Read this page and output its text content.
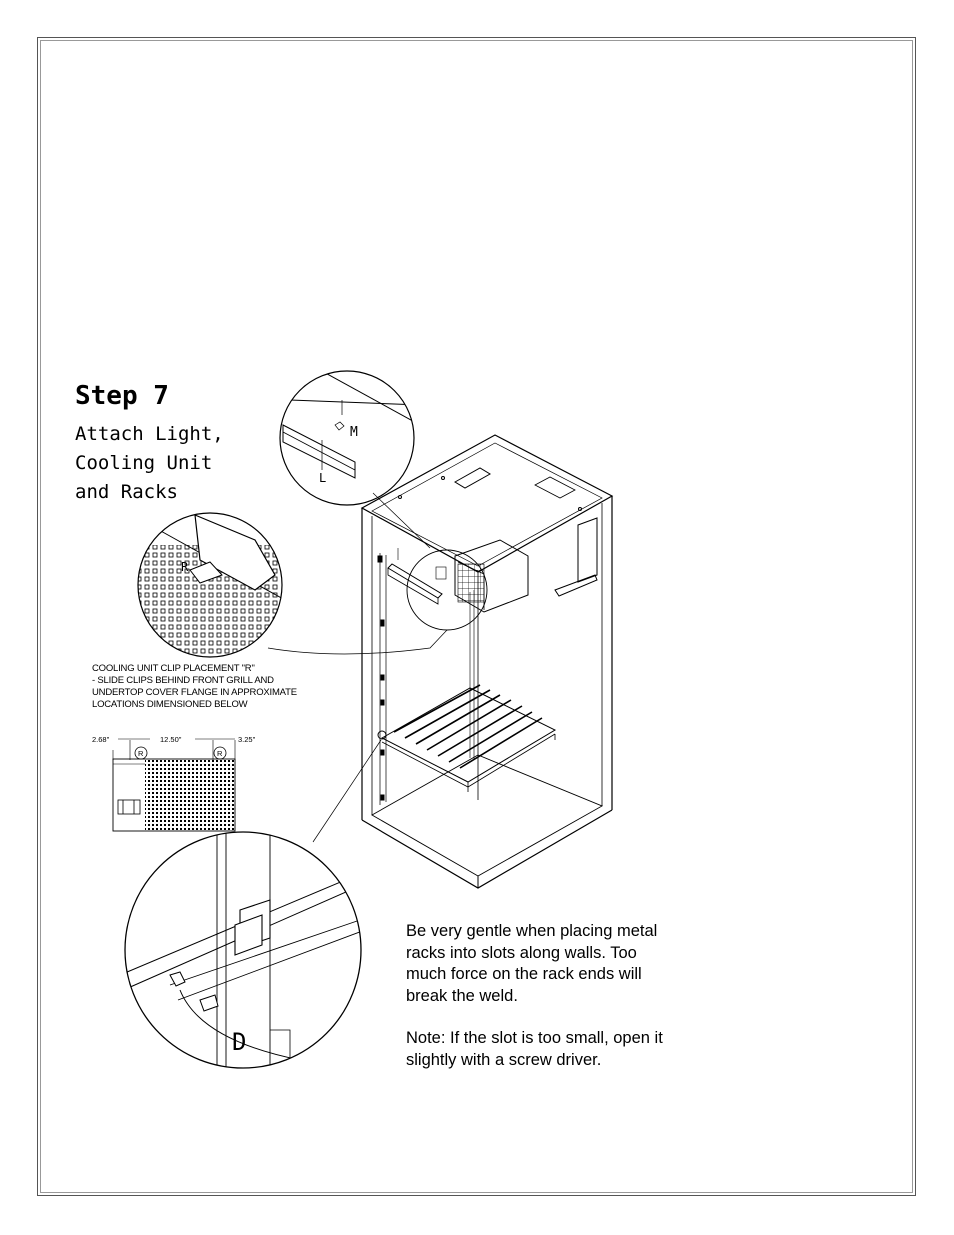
Step 7
Attach Light,
Cooling Unit
and Racks
COOLING UNIT CLIP PLACEMENT "R"
- SLIDE CLIPS BEHIND FRONT GRILL AND
UNDERTOP COVER FLANGE IN APPROXIMATE
LOCATIONS DIMENSIONED BELOW

Be very gentle when placing metal racks into slots along walls. Too much force on the rack ends will break the weld.

Note: If the slot is too small, open it slightly with a screw driver.

M
L
R
R	R
2.68"	12.50"	3.25"
D
